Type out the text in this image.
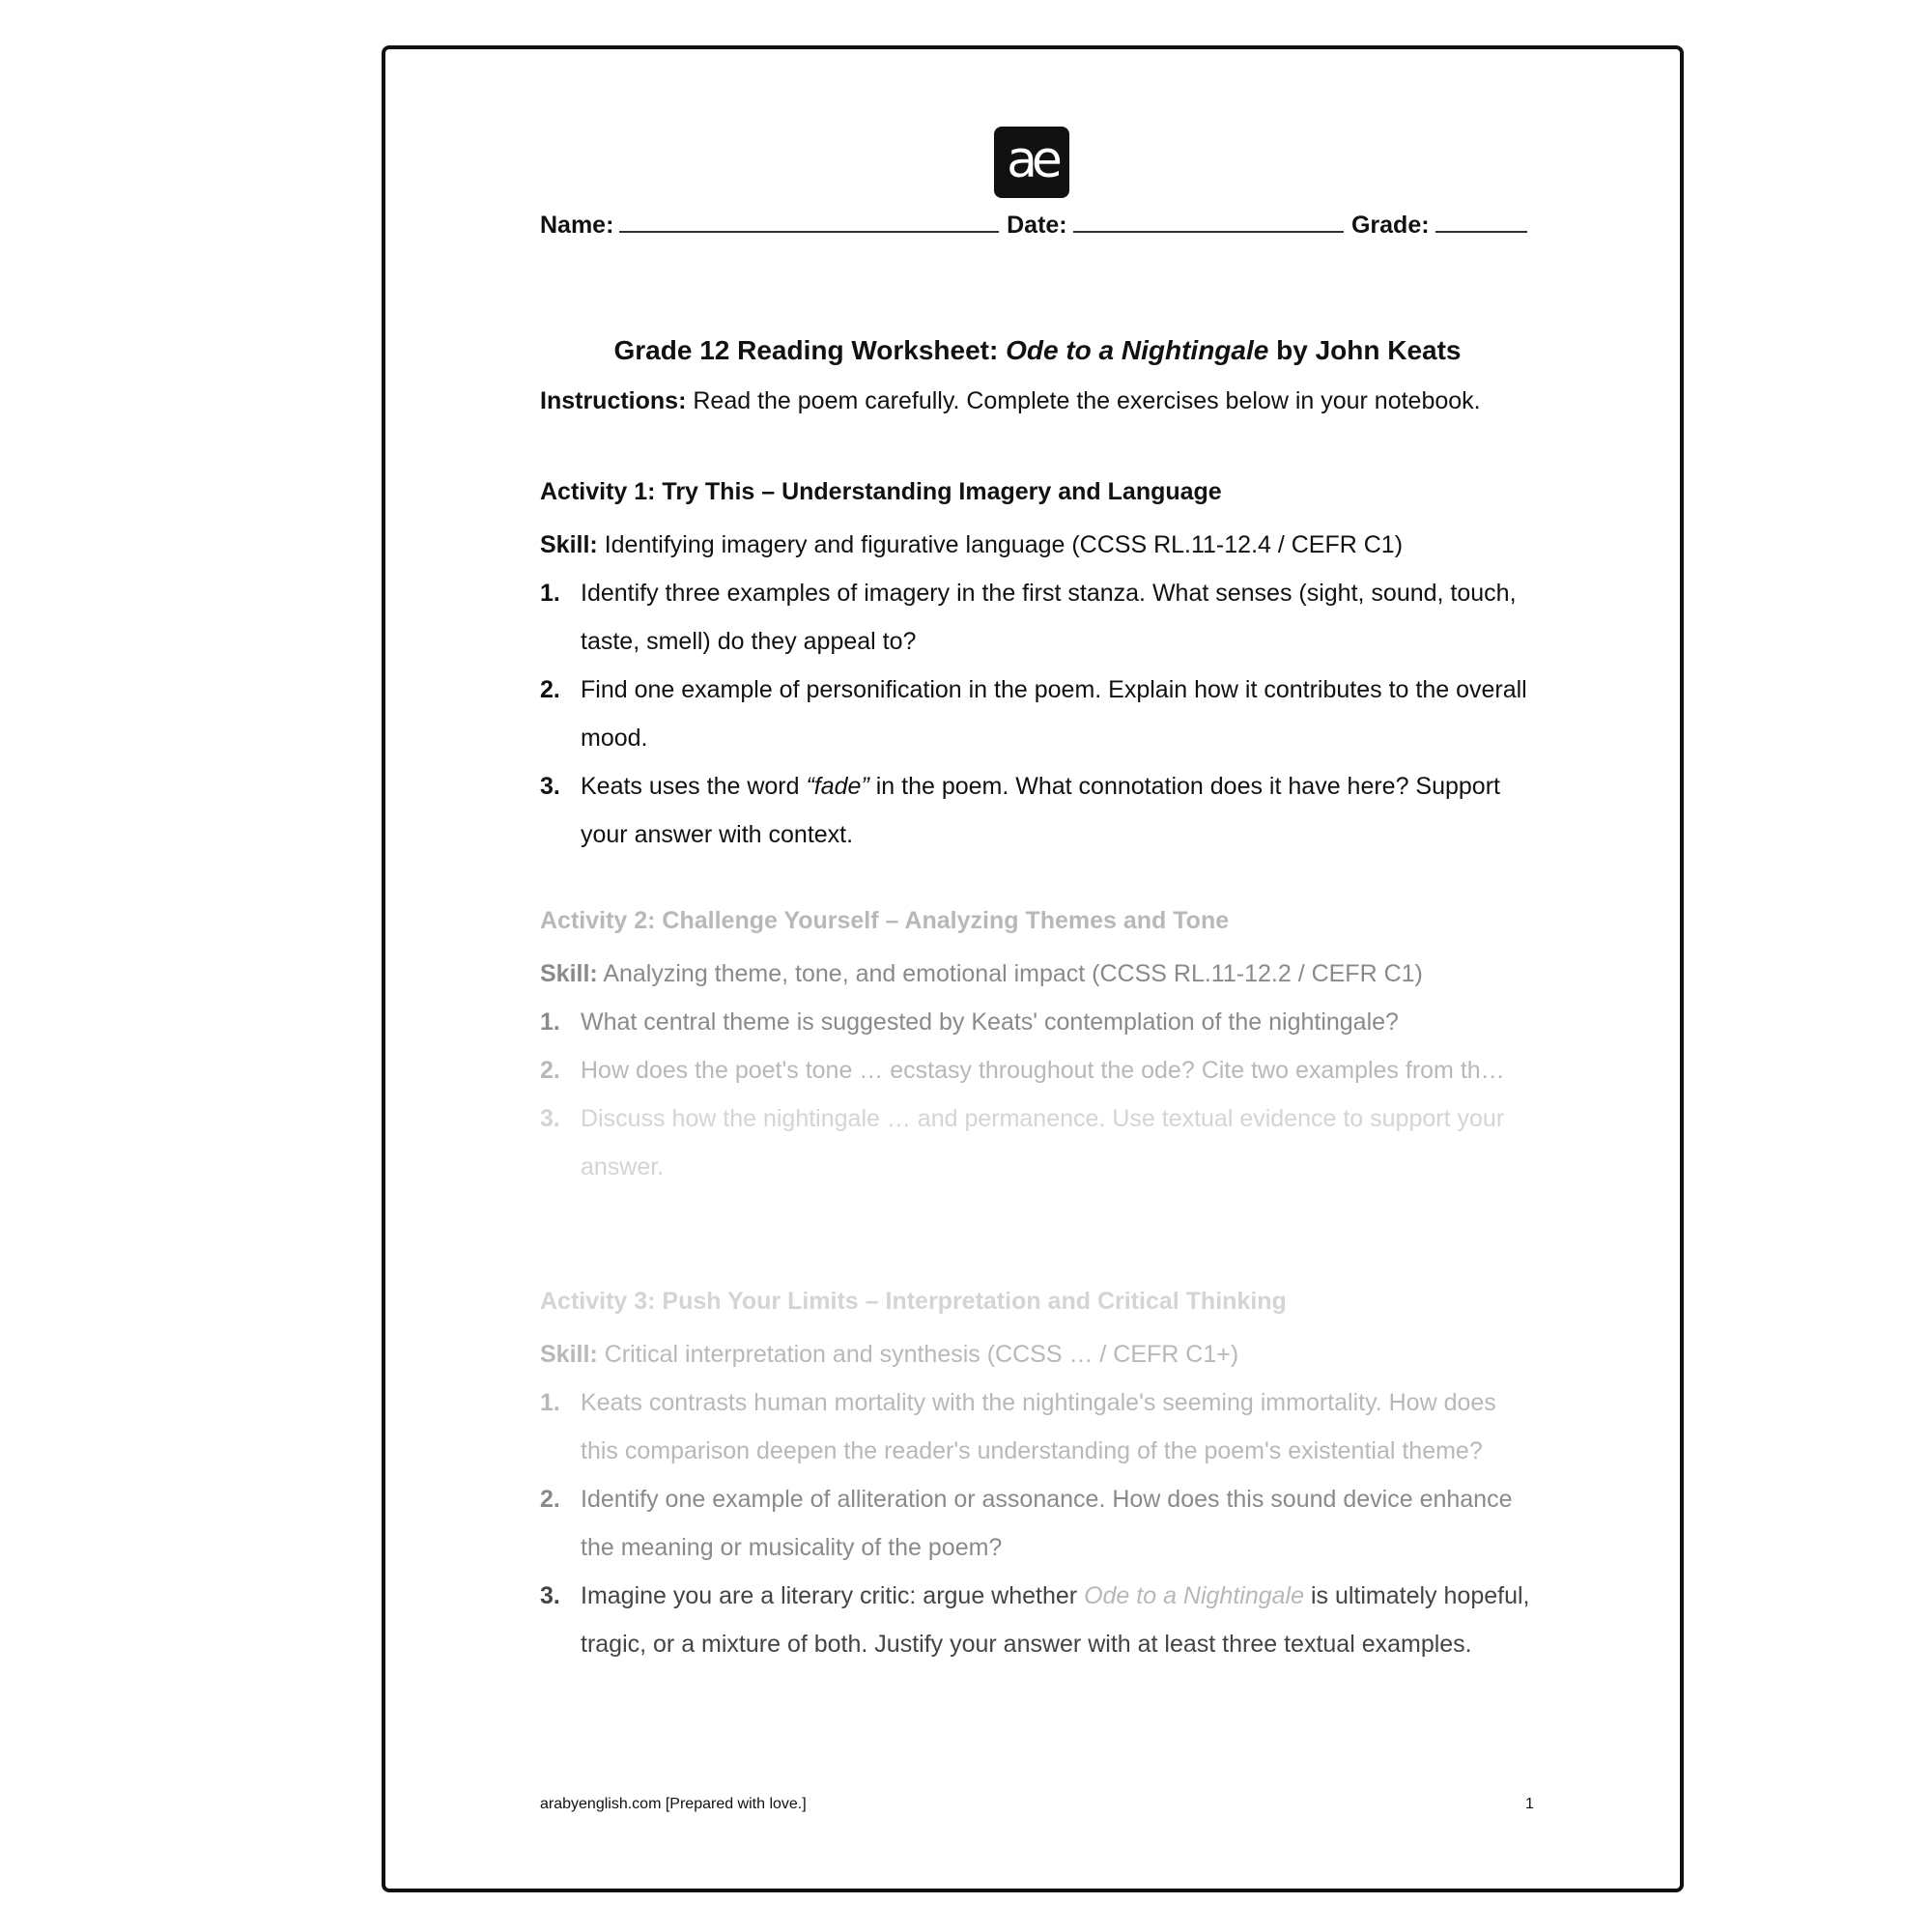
ae
Name:	Date:	Grade:
Grade 12 Reading Worksheet: Ode to a Nightingale by John Keats
Instructions: Read the poem carefully. Complete the exercises below in your notebook.
Activity 1: Try This – Understanding Imagery and Language
Skill: Identifying imagery and figurative language (CCSS RL.11-12.4 / CEFR C1)
1. Identify three examples of imagery in the first stanza. What senses (sight, sound, touch, taste, smell) do they appeal to?
2. Find one example of personification in the poem. Explain how it contributes to the overall mood.
3. Keats uses the word “fade” in the poem. What connotation does it have here? Support your answer with context.
Activity 2: Challenge Yourself – Analyzing Themes and Tone
Skill: Analyzing theme, tone, and emotional impact (CCSS RL.11-12.2 / CEFR C1)
1. What central theme is suggested by Keats' contemplation of the nightingale?
2. How does the poet's tone … ecstasy throughout the ode? Cite two examples from th…
3. Discuss how the nightingale … and permanence. Use textual evidence to support your answer.
Activity 3: Push Your Limits – Interpretation and Critical Thinking
Skill: Critical interpretation and synthesis (CCSS … / CEFR C1+)
1. Keats contrasts human mortality with the nightingale's seeming immortality. How does this comparison deepen the reader's understanding of the poem's existential theme?
2. Identify one example of alliteration or assonance. How does this sound device enhance the meaning or musicality of the poem?
3. Imagine you are a literary critic: argue whether Ode to a Nightingale is ultimately hopeful, tragic, or a mixture of both. Justify your answer with at least three textual examples.
arabyenglish.com [Prepared with love.]	1
